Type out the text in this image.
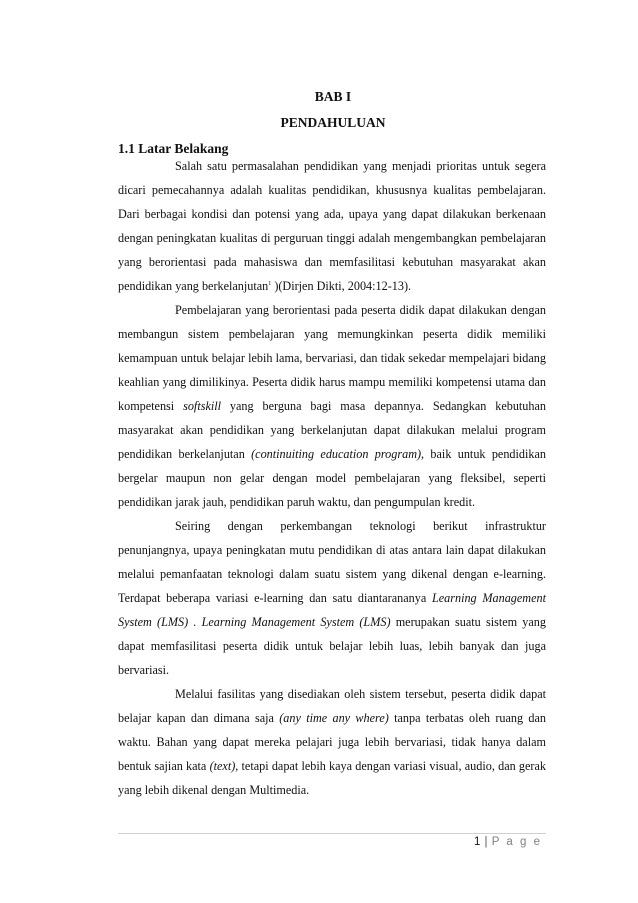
BAB I
PENDAHULUAN
1.1 Latar Belakang

Salah satu permasalahan pendidikan yang menjadi prioritas untuk segera dicari pemecahannya adalah kualitas pendidikan, khususnya kualitas pembelajaran. Dari berbagai kondisi dan potensi yang ada, upaya yang dapat dilakukan berkenaan dengan peningkatan kualitas di perguruan tinggi adalah mengembangkan pembelajaran yang berorientasi pada mahasiswa dan memfasilitasi kebutuhan masyarakat akan pendidikan yang berkelanjutan$^1$ )(Dirjen Dikti, 2004:12-13).

Pembelajaran yang berorientasi pada peserta didik dapat dilakukan dengan membangun sistem pembelajaran yang memungkinkan peserta didik memiliki kemampuan untuk belajar lebih lama, bervariasi, dan tidak sekedar mempelajari bidang keahlian yang dimilikinya. Peserta didik harus mampu memiliki kompetensi utama dan kompetensi softskill yang berguna bagi masa depannya. Sedangkan kebutuhan masyarakat akan pendidikan yang berkelanjutan dapat dilakukan melalui program pendidikan berkelanjutan (continuiting education program), baik untuk pendidikan bergelar maupun non gelar dengan model pembelajaran yang fleksibel, seperti pendidikan jarak jauh, pendidikan paruh waktu, dan pengumpulan kredit.

Seiring dengan perkembangan teknologi berikut infrastruktur penunjangnya, upaya peningkatan mutu pendidikan di atas antara lain dapat dilakukan melalui pemanfaatan teknologi dalam suatu sistem yang dikenal dengan e-learning. Terdapat beberapa variasi e-learning dan satu diantarananya Learning Management System (LMS) . Learning Management System (LMS) merupakan suatu sistem yang dapat memfasilitasi peserta didik untuk belajar lebih luas, lebih banyak dan juga bervariasi.

Melalui fasilitas yang disediakan oleh sistem tersebut, peserta didik dapat belajar kapan dan dimana saja (any time any where) tanpa terbatas oleh ruang dan waktu. Bahan yang dapat mereka pelajari juga lebih bervariasi, tidak hanya dalam bentuk sajian kata (text), tetapi dapat lebih kaya dengan variasi visual, audio, dan gerak yang lebih dikenal dengan Multimedia.

1 | P a g e
